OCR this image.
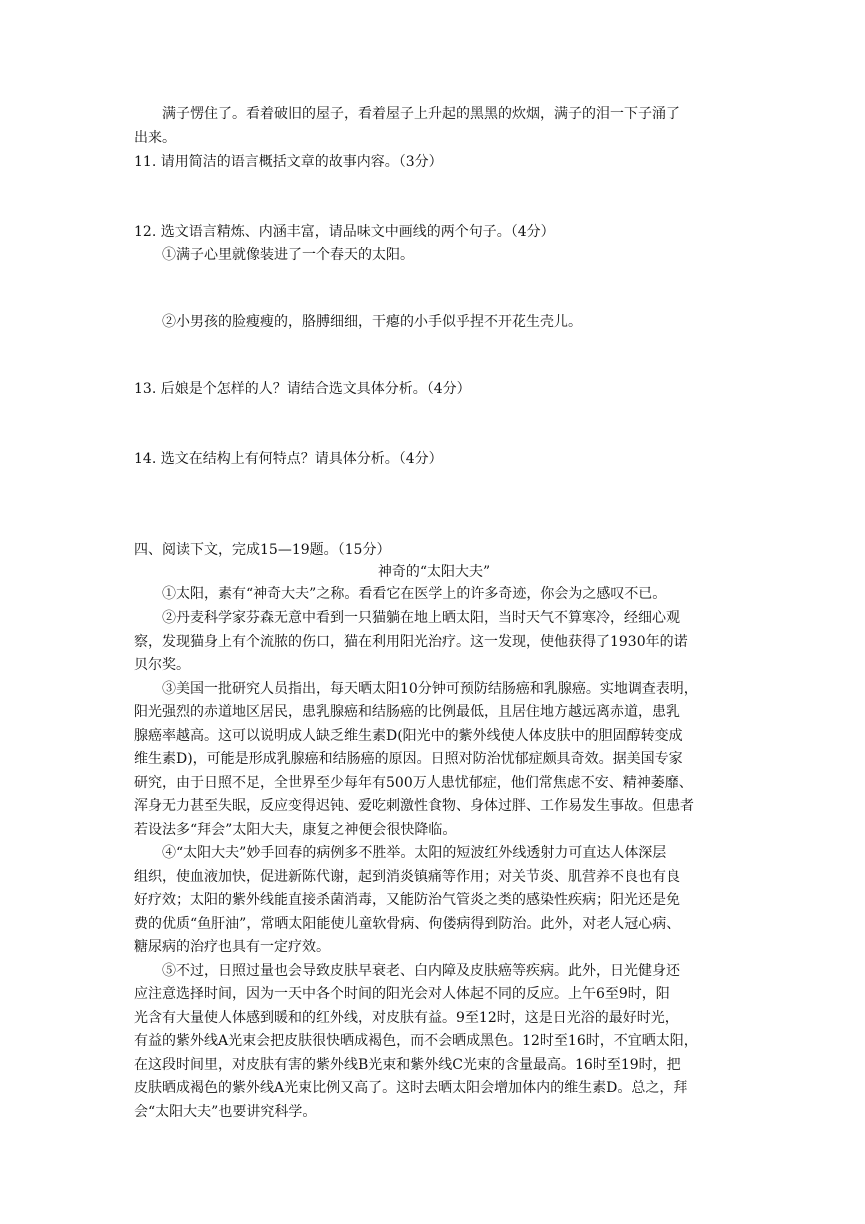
满子愣住了。看着破旧的屋子，看着屋子上升起的黑黑的炊烟，满子的泪一下子涌了
出来。
11. 请用简洁的语言概括文章的故事内容。（3分）
12. 选文语言精炼、内涵丰富，请品味文中画线的两个句子。（4分）
①满子心里就像装进了一个春天的太阳。
②小男孩的脸瘦瘦的，胳膊细细，干瘪的小手似乎捏不开花生壳儿。
13. 后娘是个怎样的人？请结合选文具体分析。（4分）
14. 选文在结构上有何特点？请具体分析。（4分）
四、阅读下文，完成15—19题。（15分）
神奇的“太阳大夫”
①太阳，素有“神奇大夫”之称。看看它在医学上的许多奇迹，你会为之感叹不已。
②丹麦科学家芬森无意中看到一只猫躺在地上晒太阳，当时天气不算寒冷，经细心观
察，发现猫身上有个流脓的伤口，猫在利用阳光治疗。这一发现，使他获得了1930年的诺
贝尔奖。
③美国一批研究人员指出，每天晒太阳10分钟可预防结肠癌和乳腺癌。实地调查表明，
阳光强烈的赤道地区居民，患乳腺癌和结肠癌的比例最低，且居住地方越远离赤道，患乳
腺癌率越高。这可以说明成人缺乏维生素D(阳光中的紫外线使人体皮肤中的胆固醇转变成
维生素D)，可能是形成乳腺癌和结肠癌的原因。日照对防治忧郁症颇具奇效。据美国专家
研究，由于日照不足，全世界至少每年有500万人患忧郁症，他们常焦虑不安、精神萎靡、
浑身无力甚至失眠，反应变得迟钝、爱吃刺激性食物、身体过胖、工作易发生事故。但患者
若设法多“拜会”太阳大夫，康复之神便会很快降临。
④“太阳大夫”妙手回春的病例多不胜举。太阳的短波红外线透射力可直达人体深层
组织，使血液加快，促进新陈代谢，起到消炎镇痛等作用；对关节炎、肌营养不良也有良
好疗效；太阳的紫外线能直接杀菌消毒，又能防治气管炎之类的感染性疾病；阳光还是免
费的优质“鱼肝油”，常晒太阳能使儿童软骨病、佝偻病得到防治。此外，对老人冠心病、
糖尿病的治疗也具有一定疗效。
⑤不过，日照过量也会导致皮肤早衰老、白内障及皮肤癌等疾病。此外，日光健身还
应注意选择时间，因为一天中各个时间的阳光会对人体起不同的反应。上午6至9时，阳
光含有大量使人体感到暖和的红外线，对皮肤有益。9至12时，这是日光浴的最好时光，
有益的紫外线A光束会把皮肤很快晒成褐色，而不会晒成黑色。12时至16时，不宜晒太阳，
在这段时间里，对皮肤有害的紫外线B光束和紫外线C光束的含量最高。16时至19时，把
皮肤晒成褐色的紫外线A光束比例又高了。这时去晒太阳会增加体内的维生素D。总之，拜
会“太阳大夫”也要讲究科学。
